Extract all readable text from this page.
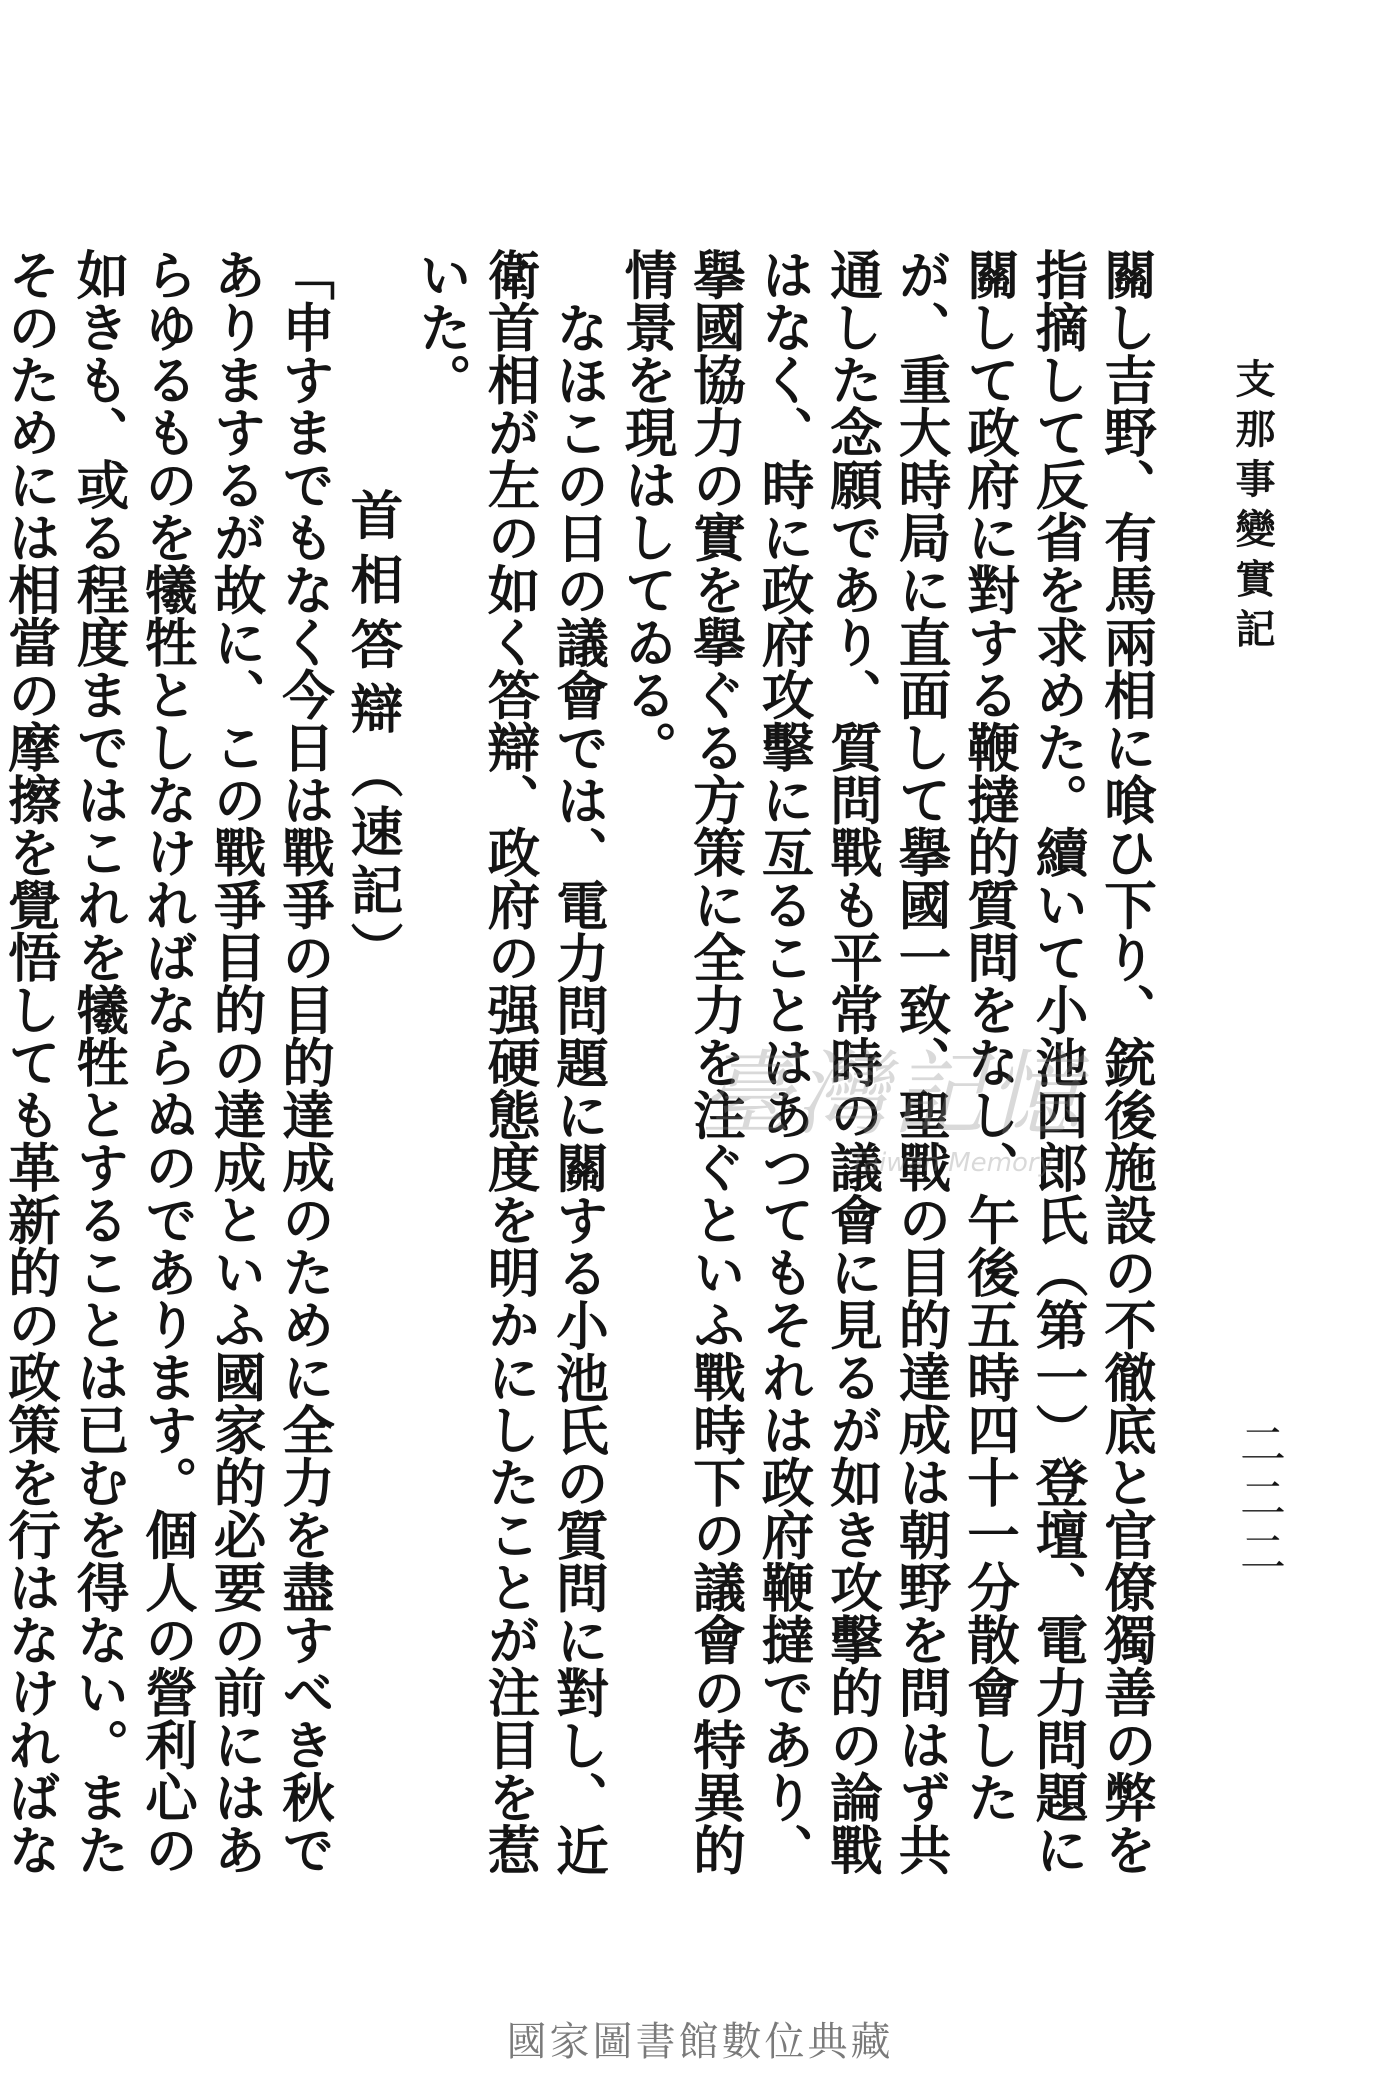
支那事變實記
二二二

關し吉野、有馬兩相に喰ひ下り、銃後施設の不徹底と官僚獨善の弊を指摘して反省を求めた。續いて小池四郎氏（第一）登壇、電力問題に關して政府に對する鞭撻的質問をなし、午後五時四十一分散會したが、重大時局に直面して擧國一致、聖戰の目的達成は朝野を問はず共通した念願であり、質問戰も平常時の議會に見るが如き攻擊的の論戰はなく、時に政府攻擊に亙ることはあつてもそれは政府鞭撻であり、擧國協力の實を擧ぐる方策に全力を注ぐといふ戰時下の議會の特異的情景を現はしてゐる。

なほこの日の議會では、電力問題に關する小池氏の質問に對し、近衛首相が左の如く答辯、政府の强硬態度を明かにしたことが注目を惹いた。

首相答辯（速記）

「申すまでもなく今日は戰爭の目的達成のために全力を盡すべき秋でありまするが故に、この戰爭目的の達成といふ國家的必要の前にはあらゆるものを犧牲としなければならぬのであります。個人の營利心の如きも、或る程度まではこれを犧牲とすることは已むを得ない。またそのためには相當の摩擦を覺悟しても革新的の政策を行はなければな

臺灣記憶
Taiwan Memory
國家圖書館數位典藏
